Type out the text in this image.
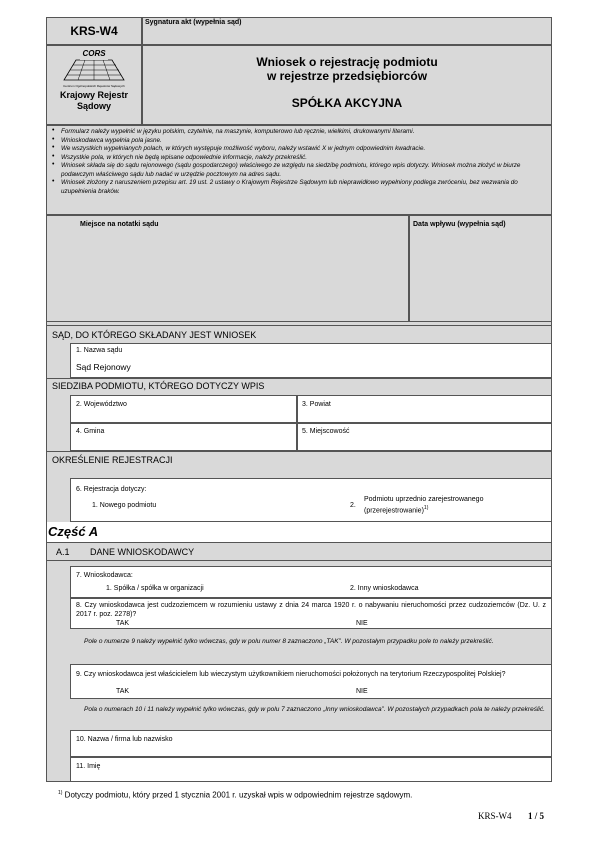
KRS-W4
Sygnatura akt (wypełnia sąd)
CORS
Centrum Ogólnopolskich Rejestrów Sądowych
Krajowy Rejestr
Sądowy
Wniosek o rejestrację podmiotu
w rejestrze przedsiębiorców
SPÓŁKA AKCYJNA
Formularz należy wypełnić w języku polskim, czytelnie, na maszynie, komputerowo lub ręcznie, wielkimi, drukowanymi literami.
Wnioskodawca wypełnia pola jasne.
We wszystkich wypełnianych polach, w których występuje możliwość wyboru, należy wstawić X w jednym odpowiednim kwadracie.
Wszystkie pola, w których nie będą wpisane odpowiednie informacje, należy przekreślić.
Wniosek składa się do sądu rejonowego (sądu gospodarczego) właściwego ze względu na siedzibę podmiotu, którego wpis dotyczy. Wniosek można złożyć w biurze podawczym właściwego sądu lub nadać w urzędzie pocztowym na adres sądu.
Wniosek złożony z naruszeniem przepisu art. 19 ust. 2 ustawy o Krajowym Rejestrze Sądowym lub nieprawidłowo wypełniony podlega zwróceniu, bez wezwania do uzupełnienia braków.
•
•
•
•
•

•
Miejsce na notatki sądu	Data wpływu (wypełnia sąd)
SĄD, DO KTÓREGO SKŁADANY JEST WNIOSEK
1. Nazwa sądu
Sąd Rejonowy
SIEDZIBA PODMIOTU, KTÓREGO DOTYCZY WPIS
2. Województwo	3. Powiat
4. Gmina	5. Miejscowość
OKREŚLENIE REJESTRACJI
6. Rejestracja dotyczy:
1. Nowego podmiotu	2.
Podmiotu uprzednio zarejestrowanego
(przerejestrowanie)$^{1)}$
Część A
A.1 DANE WNIOSKODAWCY
7. Wnioskodawca:
1. Spółka / spółka w organizacji	2. Inny wnioskodawca
8. Czy wnioskodawca jest cudzoziemcem w rozumieniu ustawy z dnia 24 marca 1920 r. o nabywaniu nieruchomości przez cudzoziemców (Dz. U. z 2017 r. poz. 2278)?
TAK	NIE
Pole o numerze 9 należy wypełnić tylko wówczas, gdy w polu numer 8 zaznaczono „TAK”. W pozostałym przypadku pole to należy przekreślić.
9. Czy wnioskodawca jest właścicielem lub wieczystym użytkownikiem nieruchomości położonych na terytorium Rzeczypospolitej Polskiej?
TAK	NIE
Pola o numerach 10 i 11 należy wypełnić tylko wówczas, gdy w polu 7 zaznaczono „Inny wnioskodawca”. W pozostałych przypadkach pola te należy przekreślić.
10. Nazwa / firma lub nazwisko
11. Imię
$^{1)}$ Dotyczy podmiotu, który przed 1 stycznia 2001 r. uzyskał wpis w odpowiednim rejestrze sądowym.
KRS-W4 1 / 5
